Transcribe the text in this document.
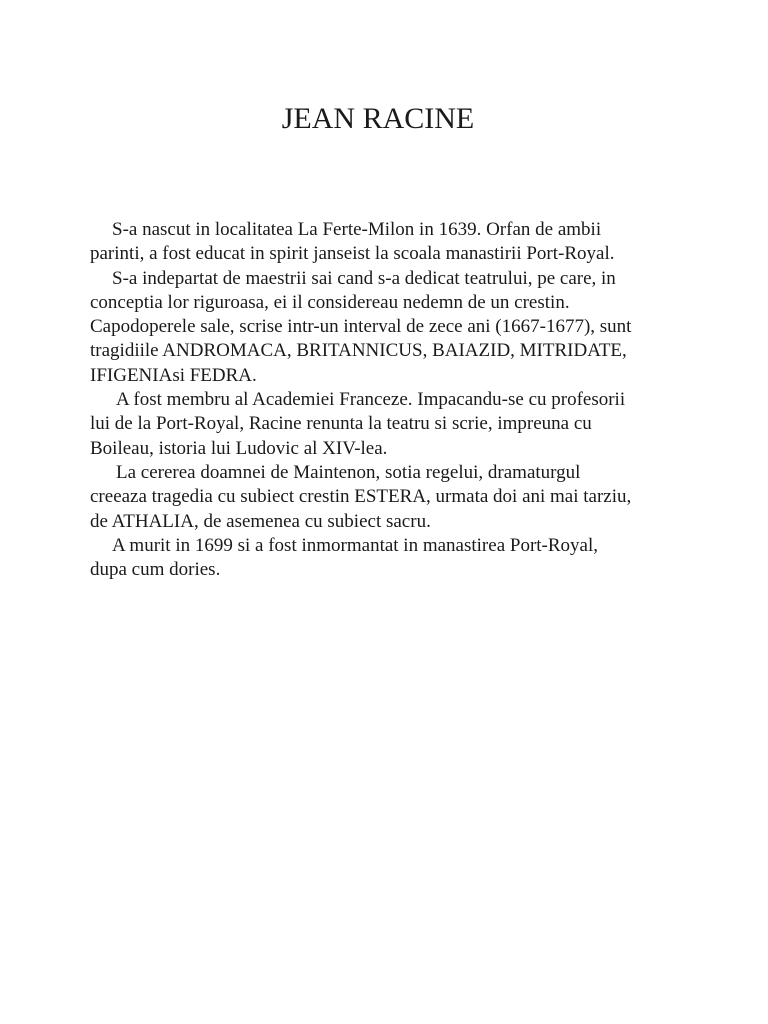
JEAN RACINE
S-a nascut in localitatea La Ferte-Milon in 1639. Orfan de ambii
parinti, a fost educat in spirit janseist la scoala manastirii Port-Royal.
S-a indepartat de maestrii sai cand s-a dedicat teatrului, pe care, in
conceptia lor riguroasa, ei il considereau nedemn de un crestin.
Capodoperele sale, scrise intr-un interval de zece ani (1667-1677), sunt
tragidiile ANDROMACA, BRITANNICUS, BAIAZID, MITRIDATE,
IFIGENIAsi FEDRA.
A fost membru al Academiei Franceze. Impacandu-se cu profesorii
lui de la Port-Royal, Racine renunta la teatru si scrie, impreuna cu
Boileau, istoria lui Ludovic al XIV-lea.
La cererea doamnei de Maintenon, sotia regelui, dramaturgul
creeaza tragedia cu subiect crestin ESTERA, urmata doi ani mai tarziu,
de ATHALIA, de asemenea cu subiect sacru.
A murit in 1699 si a fost inmormantat in manastirea Port-Royal,
dupa cum dories.
